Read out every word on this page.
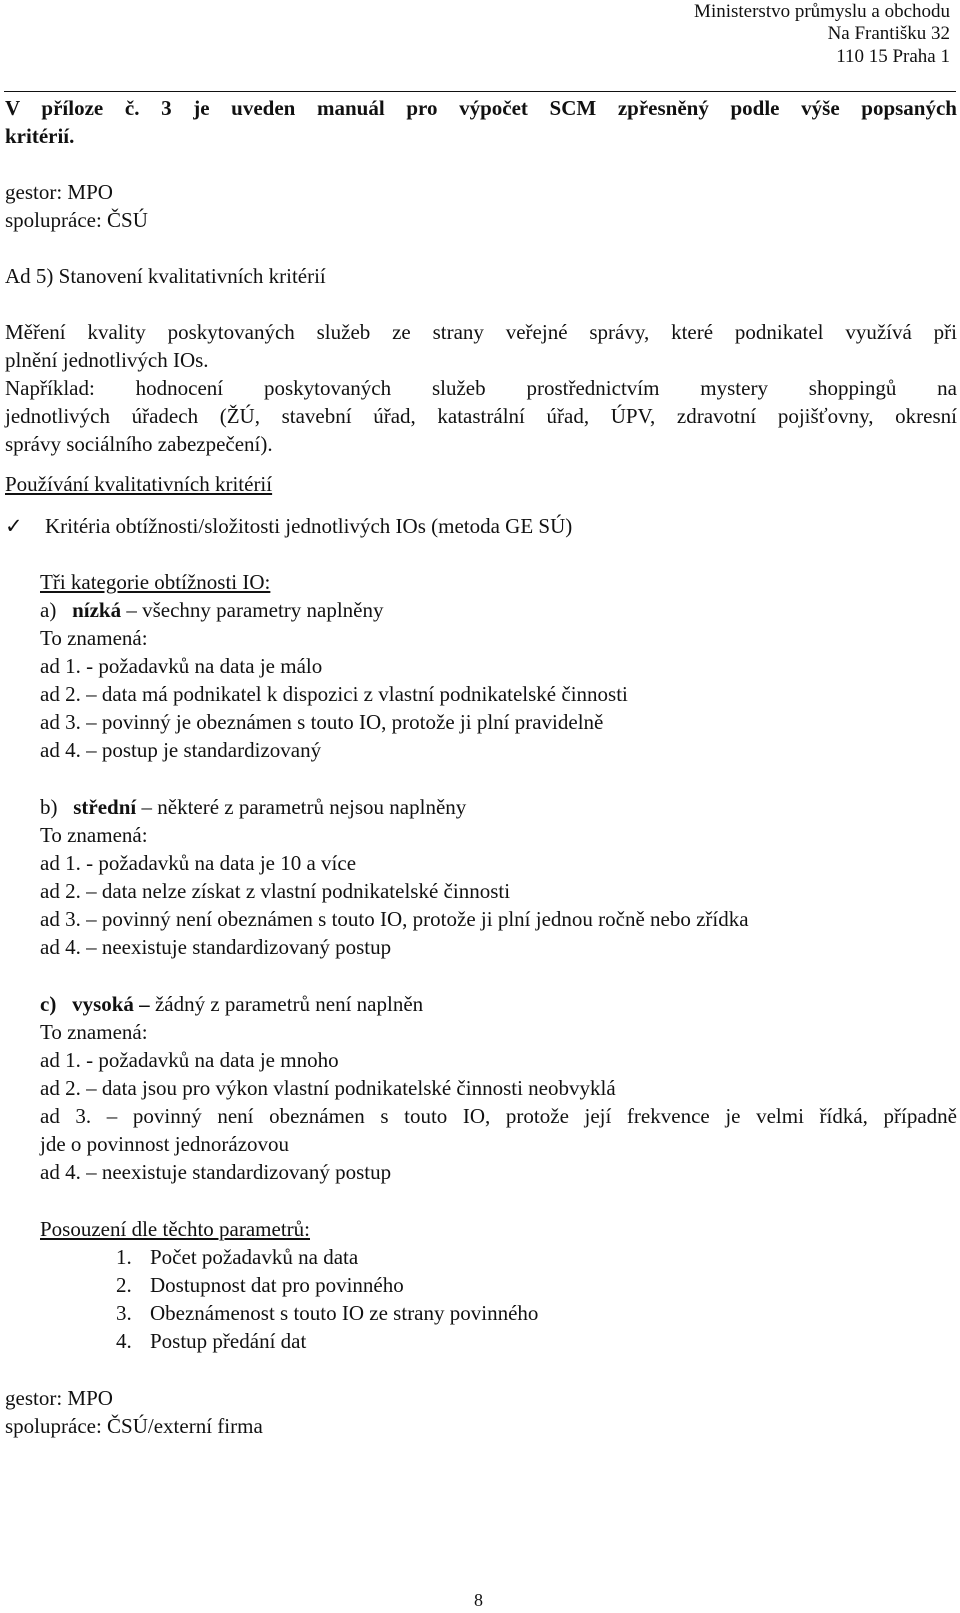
Ministerstvo průmyslu a obchodu
Na Františku 32
110 15 Praha 1
V příloze č. 3 je uveden manuál pro výpočet SCM zpřesněný podle výše popsaných
kritérií.
gestor: MPO
spolupráce: ČSÚ
Ad 5) Stanovení kvalitativních kritérií
Měření kvality poskytovaných služeb ze strany veřejné správy, které podnikatel využívá při
plnění jednotlivých IOs.
Například: hodnocení poskytovaných služeb prostřednictvím mystery shoppingů na
jednotlivých úřadech (ŽÚ, stavební úřad, katastrální úřad, ÚPV, zdravotní pojišťovny, okresní
správy sociálního zabezpečení).
Používání kvalitativních kritérií
✓ Kritéria obtížnosti/složitosti jednotlivých IOs (metoda GE SÚ)
Tři kategorie obtížnosti IO:
a) nízká – všechny parametry naplněny
To znamená:
ad 1. - požadavků na data je málo
ad 2. – data má podnikatel k dispozici z vlastní podnikatelské činnosti
ad 3. – povinný je obeznámen s touto IO, protože ji plní pravidelně
ad 4. – postup je standardizovaný
b) střední – některé z parametrů nejsou naplněny
To znamená:
ad 1. - požadavků na data je 10 a více
ad 2. – data nelze získat z vlastní podnikatelské činnosti
ad 3. – povinný není obeznámen s touto IO, protože ji plní jednou ročně nebo zřídka
ad 4. – neexistuje standardizovaný postup
c) vysoká – žádný z parametrů není naplněn
To znamená:
ad 1. - požadavků na data je mnoho
ad 2. – data jsou pro výkon vlastní podnikatelské činnosti neobvyklá
ad 3. – povinný není obeznámen s touto IO, protože její frekvence je velmi řídká, případně
jde o povinnost jednorázovou
ad 4. – neexistuje standardizovaný postup
Posouzení dle těchto parametrů:
1. Počet požadavků na data
2. Dostupnost dat pro povinného
3. Obeznámenost s touto IO ze strany povinného
4. Postup předání dat
gestor: MPO
spolupráce: ČSÚ/externí firma
8
